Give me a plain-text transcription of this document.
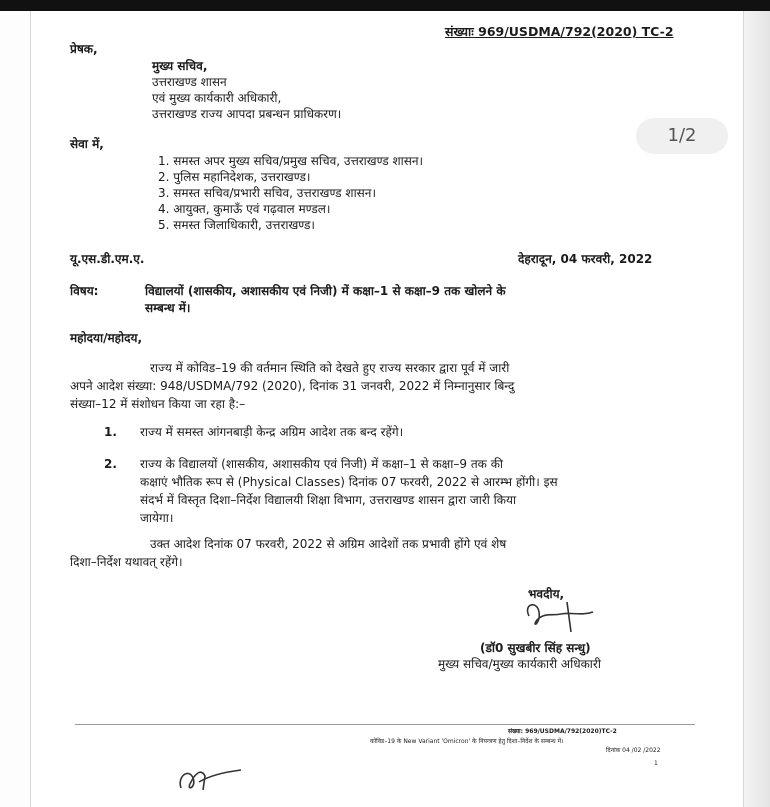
संख्याः 969/USDMA/792(2020) TC-2
प्रेषक,
मुख्य सचिव,
उत्तराखण्ड शासन
एवं मुख्य कार्यकारी अधिकारी,
उत्तराखण्ड राज्य आपदा प्रबन्धन प्राधिकरण।
1/2
सेवा में,
1. समस्त अपर मुख्य सचिव/प्रमुख सचिव, उत्तराखण्ड शासन।
2. पुलिस महानिदेशक, उत्तराखण्ड।
3. समस्त सचिव/प्रभारी सचिव, उत्तराखण्ड शासन।
4. आयुक्त, कुमाऊँ एवं गढ़वाल मण्डल।
5. समस्त जिलाधिकारी, उत्तराखण्ड।
यू.एस.डी.एम.ए.	देहरादून, 04 फरवरी, 2022
विषय:	विद्यालयों (शासकीय, अशासकीय एवं निजी) में कक्षा–1 से कक्षा–9 तक खोलने के
सम्बन्ध में।
महोदया/महोदय,
राज्य में कोविड–19 की वर्तमान स्थिति को देखते हुए राज्य सरकार द्वारा पूर्व में जारी
अपने आदेश संख्या: 948/USDMA/792 (2020), दिनांक 31 जनवरी, 2022 में निम्नानुसार बिन्दु
संख्या–12 में संशोधन किया जा रहा है:–
1. राज्य में समस्त आंगनबाड़ी केन्द्र अग्रिम आदेश तक बन्द रहेंगे।
2. राज्य के विद्यालयों (शासकीय, अशासकीय एवं निजी) में कक्षा–1 से कक्षा–9 तक की
कक्षाएं भौतिक रूप से (Physical Classes) दिनांक 07 फरवरी, 2022 से आरम्भ होंगी। इस
संदर्भ में विस्तृत दिशा–निर्देश विद्यालयी शिक्षा विभाग, उत्तराखण्ड शासन द्वारा जारी किया
जायेगा।
उक्त आदेश दिनांक 07 फरवरी, 2022 से अग्रिम आदेशों तक प्रभावी होंगे एवं शेष
दिशा–निर्देश यथावत् रहेंगे।
भवदीय,
(डॉ0 सुखबीर सिंह सन्धु)
मुख्य सचिव/मुख्य कार्यकारी अधिकारी
संख्या: 969/USDMA/792(2020)TC-2
कोविड–19 के New Variant 'Omicron' के नियन्त्रण हेतु दिशा–निर्देश के सम्बन्ध में।
दिनांक 04 /02 /2022
1
